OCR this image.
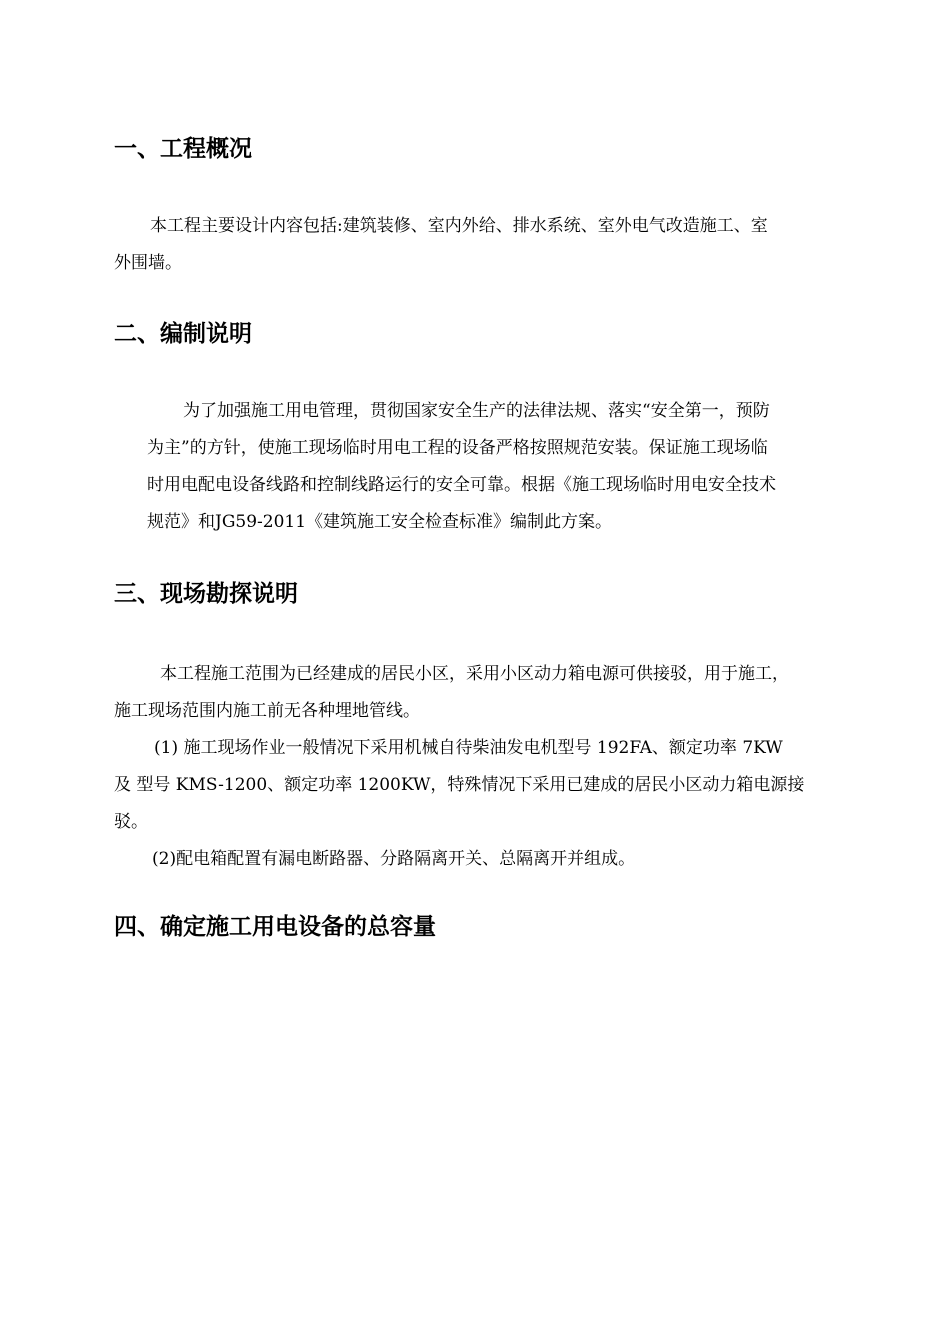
一、工程概况

本工程主要设计内容包括:建筑装修、室内外给、排水系统、室外电气改造施工、室
外围墙。

二、编制说明

为了加强施工用电管理，贯彻国家安全生产的法律法规、落实“安全第一，预防
为主”的方针，使施工现场临时用电工程的设备严格按照规范安装。保证施工现场临
时用电配电设备线路和控制线路运行的安全可靠。根据《施工现场临时用电安全技术
规范》和JG59-2011《建筑施工安全检查标准》编制此方案。

三、现场勘探说明

本工程施工范围为已经建成的居民小区，采用小区动力箱电源可供接驳，用于施工，
施工现场范围内施工前无各种埋地管线。
(1) 施工现场作业一般情况下采用机械自待柴油发电机型号 192FA、额定功率 7KW
及 型号 KMS-1200、额定功率 1200KW，特殊情况下采用已建成的居民小区动力箱电源接
驳。
(2)配电箱配置有漏电断路器、分路隔离开关、总隔离开并组成。

四、确定施工用电设备的总容量
